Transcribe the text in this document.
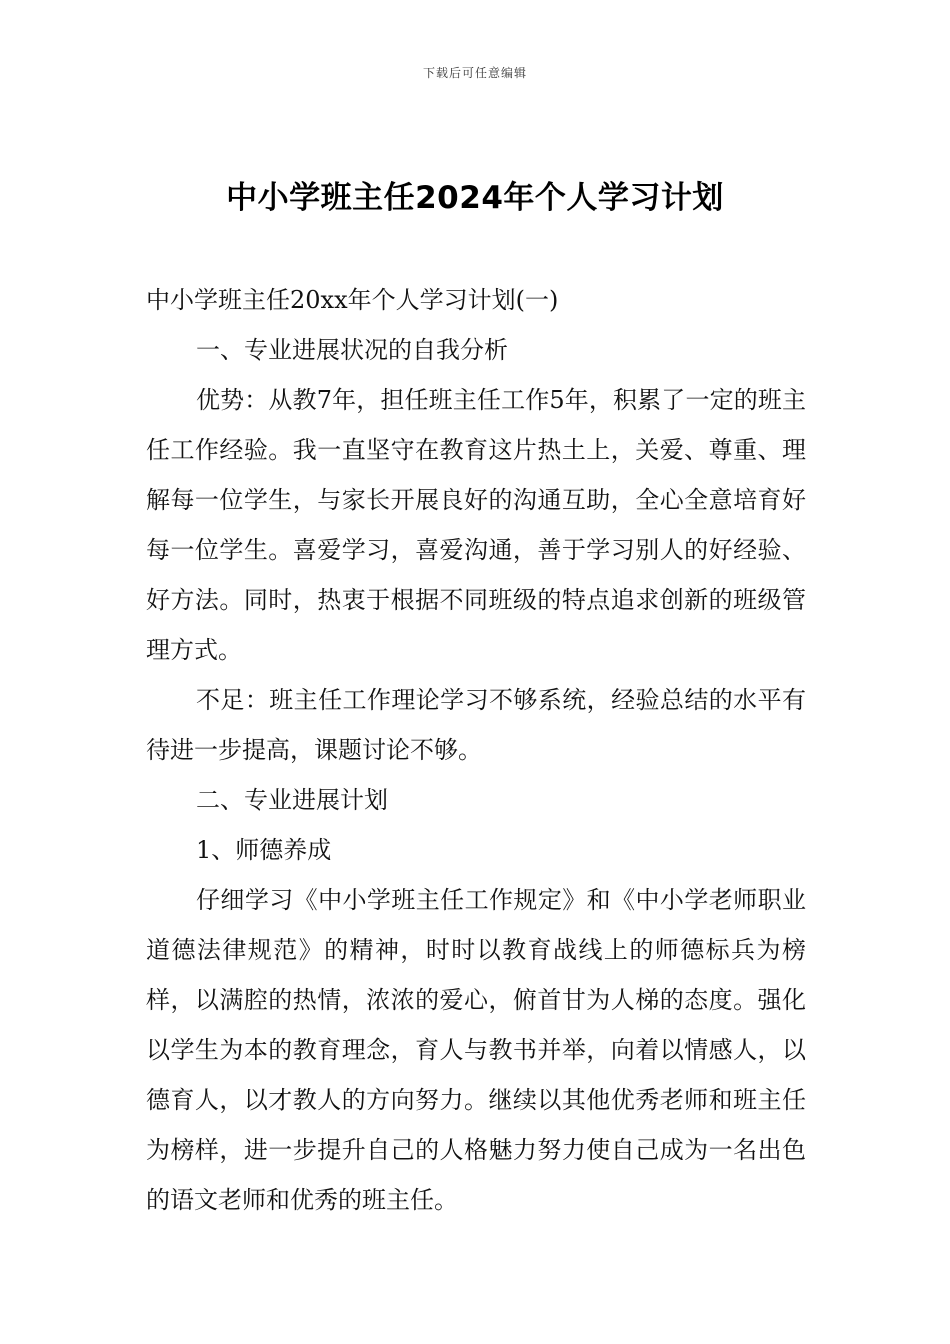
下载后可任意编辑
中小学班主任2024年个人学习计划

中小学班主任20xx年个人学习计划(一)

一、专业进展状况的自我分析

优势：从教7年，担任班主任工作5年，积累了一定的班主任工作经验。我一直坚守在教育这片热土上，关爱、尊重、理解每一位学生，与家长开展良好的沟通互助，全心全意培育好每一位学生。喜爱学习，喜爱沟通，善于学习别人的好经验、好方法。同时，热衷于根据不同班级的特点追求创新的班级管理方式。

不足：班主任工作理论学习不够系统，经验总结的水平有待进一步提高，课题讨论不够。

二、专业进展计划

1、师德养成

仔细学习《中小学班主任工作规定》和《中小学老师职业道德法律规范》的精神，时时以教育战线上的师德标兵为榜样，以满腔的热情，浓浓的爱心，俯首甘为人梯的态度。强化以学生为本的教育理念，育人与教书并举，向着以情感人，以德育人，以才教人的方向努力。继续以其他优秀老师和班主任为榜样，进一步提升自己的人格魅力努力使自己成为一名出色的语文老师和优秀的班主任。
